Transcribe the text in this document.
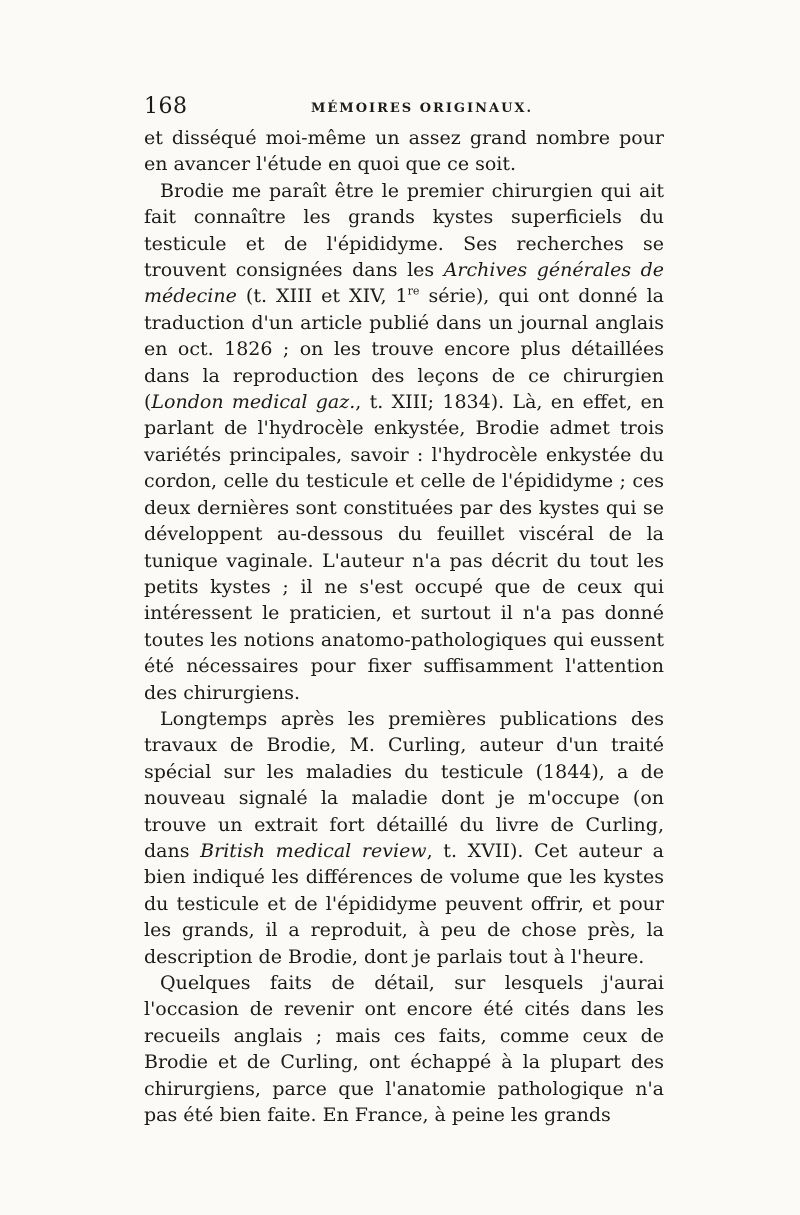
168	MÉMOIRES ORIGINAUX.

et disséqué moi-même un assez grand nombre pour en avancer l'étude en quoi que ce soit.

Brodie me paraît être le premier chirurgien qui ait fait connaître les grands kystes superficiels du testicule et de l'épididyme. Ses recherches se trouvent consignées dans les Archives générales de médecine (t. XIII et XIV, 1re série), qui ont donné la traduction d'un article publié dans un journal anglais en oct. 1826 ; on les trouve encore plus détaillées dans la reproduction des leçons de ce chirurgien (London medical gaz., t. XIII; 1834). Là, en effet, en parlant de l'hydrocèle enkystée, Brodie admet trois variétés principales, savoir : l'hydrocèle enkystée du cordon, celle du testicule et celle de l'épididyme ; ces deux dernières sont constituées par des kystes qui se développent au-dessous du feuillet viscéral de la tunique vaginale. L'auteur n'a pas décrit du tout les petits kystes ; il ne s'est occupé que de ceux qui intéressent le praticien, et surtout il n'a pas donné toutes les notions anatomo-pathologiques qui eussent été nécessaires pour fixer suffisamment l'attention des chirurgiens.

Longtemps après les premières publications des travaux de Brodie, M. Curling, auteur d'un traité spécial sur les maladies du testicule (1844), a de nouveau signalé la maladie dont je m'occupe (on trouve un extrait fort détaillé du livre de Curling, dans British medical review, t. XVII). Cet auteur a bien indiqué les différences de volume que les kystes du testicule et de l'épididyme peuvent offrir, et pour les grands, il a reproduit, à peu de chose près, la description de Brodie, dont je parlais tout à l'heure.

Quelques faits de détail, sur lesquels j'aurai l'occasion de revenir ont encore été cités dans les recueils anglais ; mais ces faits, comme ceux de Brodie et de Curling, ont échappé à la plupart des chirurgiens, parce que l'anatomie pathologique n'a pas été bien faite. En France, à peine les grands
